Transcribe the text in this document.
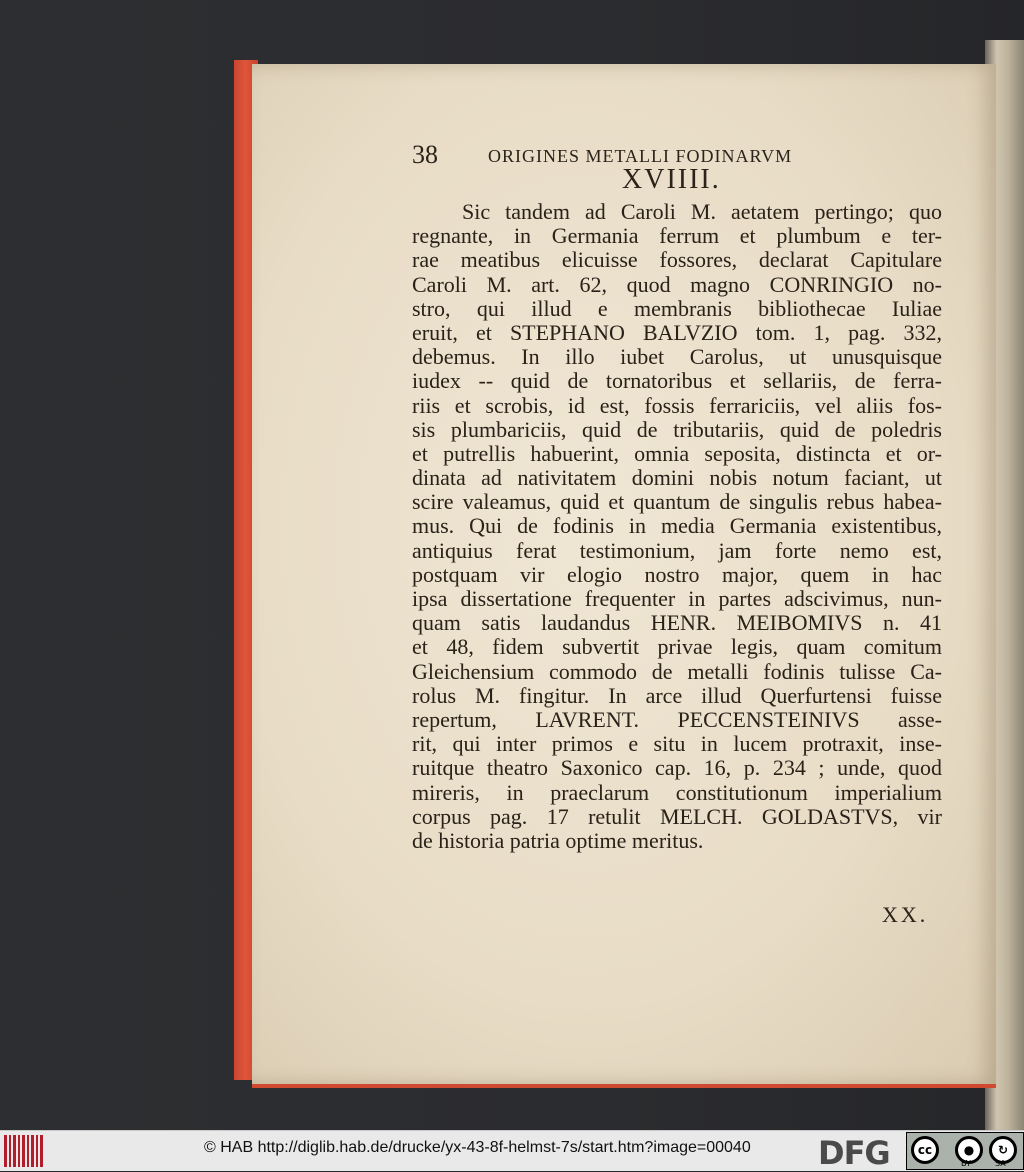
38	ORIGINES METALLI FODINARVM
XVIIII.
Sic tandem ad Caroli M. aetatem pertingo; quo
regnante, in Germania ferrum et plumbum e ter-
rae meatibus elicuisse fossores, declarat Capitulare
Caroli M. art. 62, quod magno CONRINGIO no-
stro, qui illud e membranis bibliothecae Iuliae
eruit, et STEPHANO BALVZIO tom. 1, pag. 332,
debemus. In illo iubet Carolus, ut unusquisque
iudex -- quid de tornatoribus et sellariis, de ferra-
riis et scrobis, id est, fossis ferrariciis, vel aliis fos-
sis plumbariciis, quid de tributariis, quid de poledris
et putrellis habuerint, omnia seposita, distincta et or-
dinata ad nativitatem domini nobis notum faciant, ut
scire valeamus, quid et quantum de singulis rebus habea-
mus. Qui de fodinis in media Germania existentibus,
antiquius ferat testimonium, jam forte nemo est,
postquam vir elogio nostro major, quem in hac
ipsa dissertatione frequenter in partes adscivimus, nun-
quam satis laudandus HENR. MEIBOMIVS n. 41
et 48, fidem subvertit privae legis, quam comitum
Gleichensium commodo de metalli fodinis tulisse Ca-
rolus M. fingitur. In arce illud Querfurtensi fuisse
repertum, LAVRENT. PECCENSTEINIVS asse-
rit, qui inter primos e situ in lucem protraxit, inse-
ruitque theatro Saxonico cap. 16, p. 234 ; unde, quod
mireris, in praeclarum constitutionum imperialium
corpus pag. 17 retulit MELCH. GOLDASTVS, vir
de historia patria optime meritus.
XX.
© HAB http://diglib.hab.de/drucke/yx-43-8f-helmst-7s/start.htm?image=00040 DFG	cc	●	↻
BY	SA
